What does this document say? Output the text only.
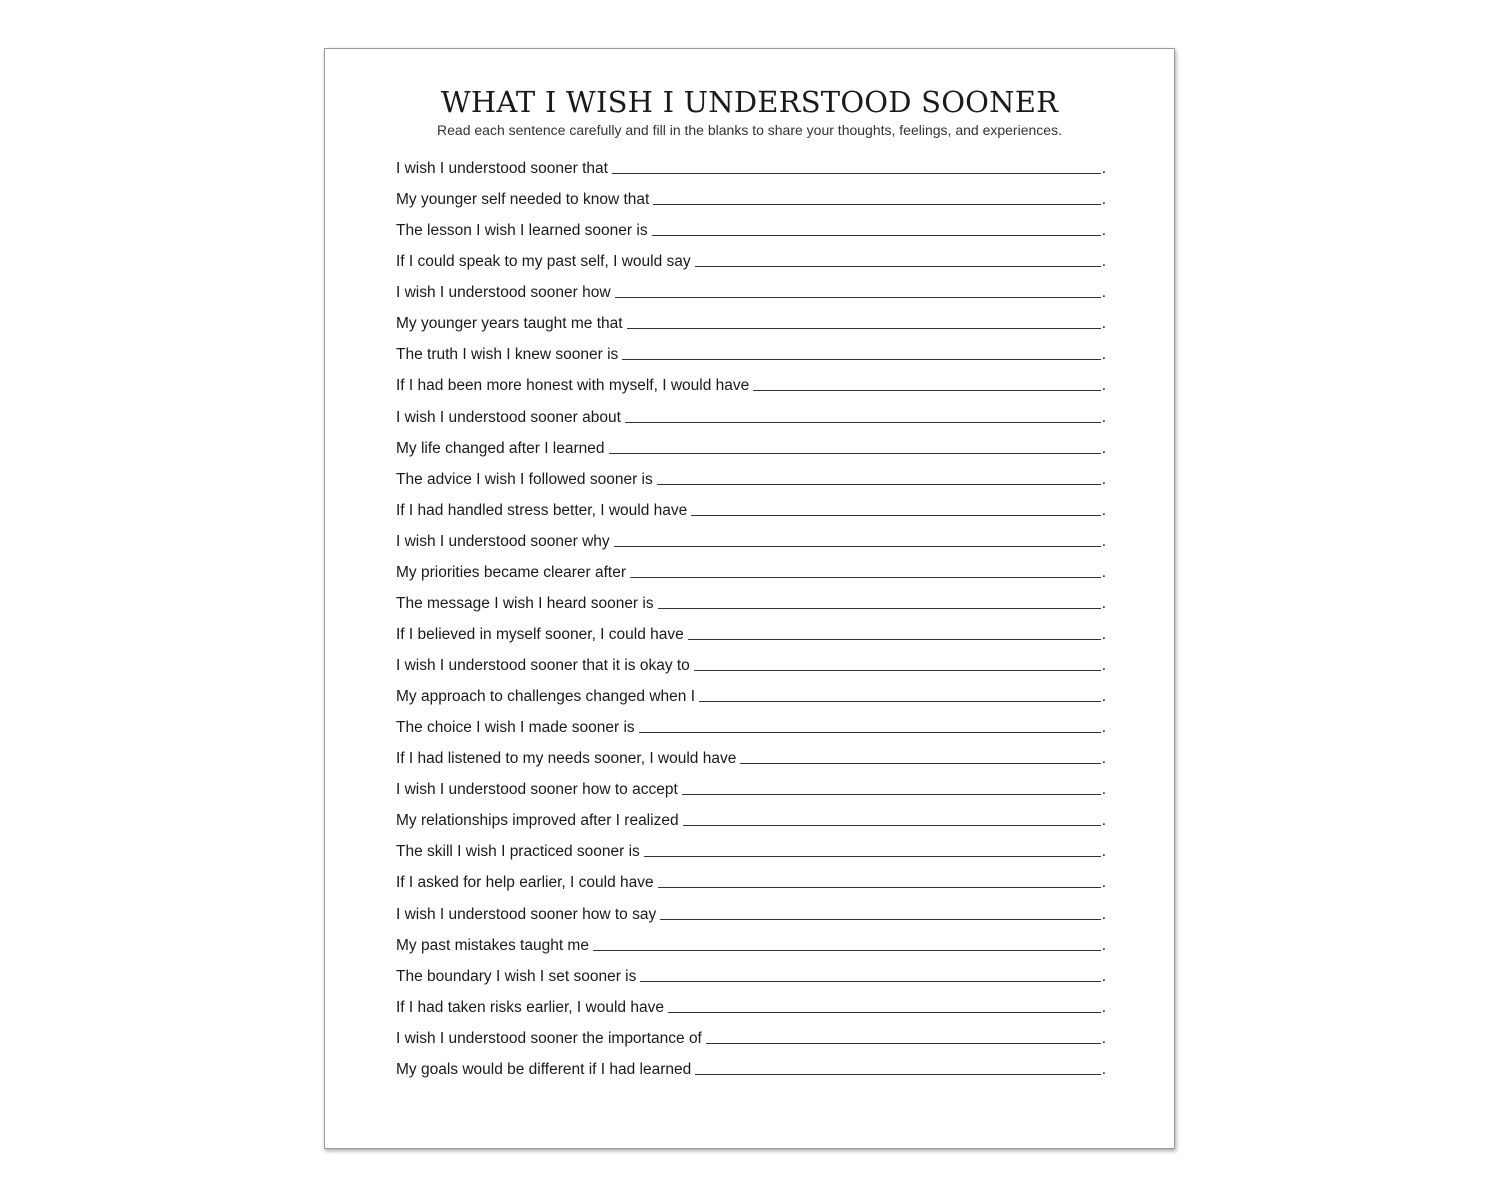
WHAT I WISH I UNDERSTOOD SOONER
Read each sentence carefully and fill in the blanks to share your thoughts, feelings, and experiences.
I wish I understood sooner that	.
My younger self needed to know that	.
The lesson I wish I learned sooner is	.
If I could speak to my past self, I would say	.
I wish I understood sooner how	.
My younger years taught me that	.
The truth I wish I knew sooner is	.
If I had been more honest with myself, I would have	.
I wish I understood sooner about	.
My life changed after I learned	.
The advice I wish I followed sooner is	.
If I had handled stress better, I would have	.
I wish I understood sooner why	.
My priorities became clearer after	.
The message I wish I heard sooner is	.
If I believed in myself sooner, I could have	.
I wish I understood sooner that it is okay to	.
My approach to challenges changed when I	.
The choice I wish I made sooner is	.
If I had listened to my needs sooner, I would have	.
I wish I understood sooner how to accept	.
My relationships improved after I realized	.
The skill I wish I practiced sooner is	.
If I asked for help earlier, I could have	.
I wish I understood sooner how to say	.
My past mistakes taught me	.
The boundary I wish I set sooner is	.
If I had taken risks earlier, I would have	.
I wish I understood sooner the importance of	.
My goals would be different if I had learned	.
